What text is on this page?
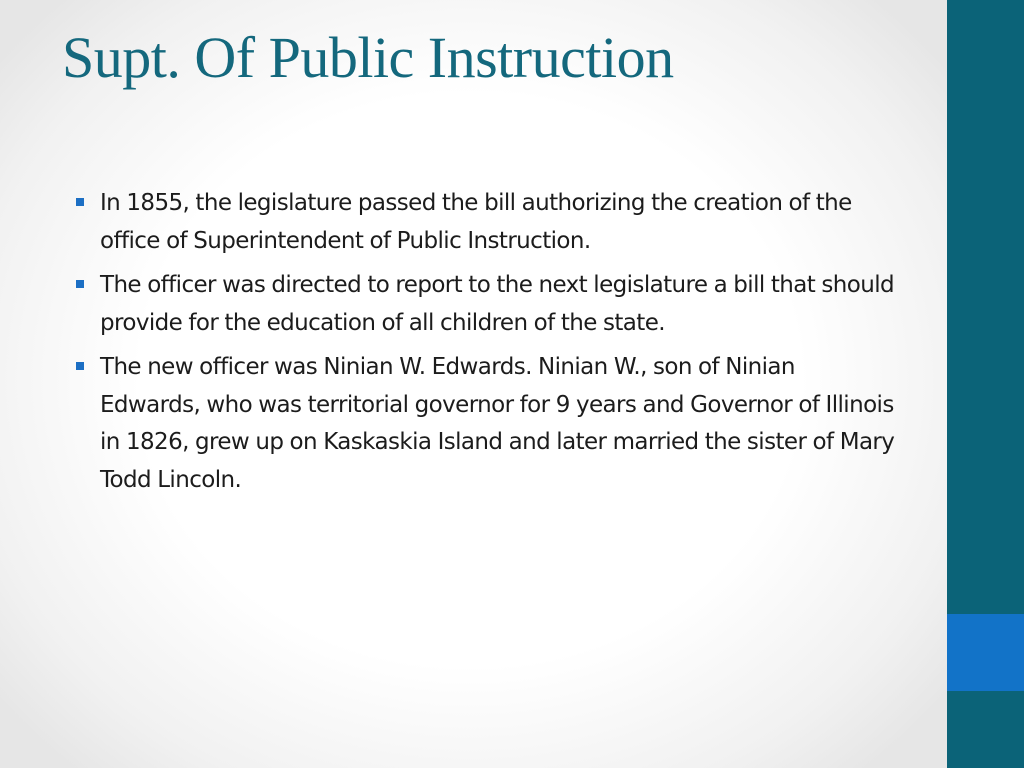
Supt. Of Public Instruction
In 1855, the legislature passed the bill authorizing the creation of the office of Superintendent of Public Instruction.
The officer was directed to report to the next legislature a bill that should provide for the education of all children of the state.
The new officer was Ninian W. Edwards. Ninian W., son of Ninian Edwards, who was territorial governor for 9 years and Governor of Illinois in 1826, grew up on Kaskaskia Island and later married the sister of Mary Todd Lincoln.
